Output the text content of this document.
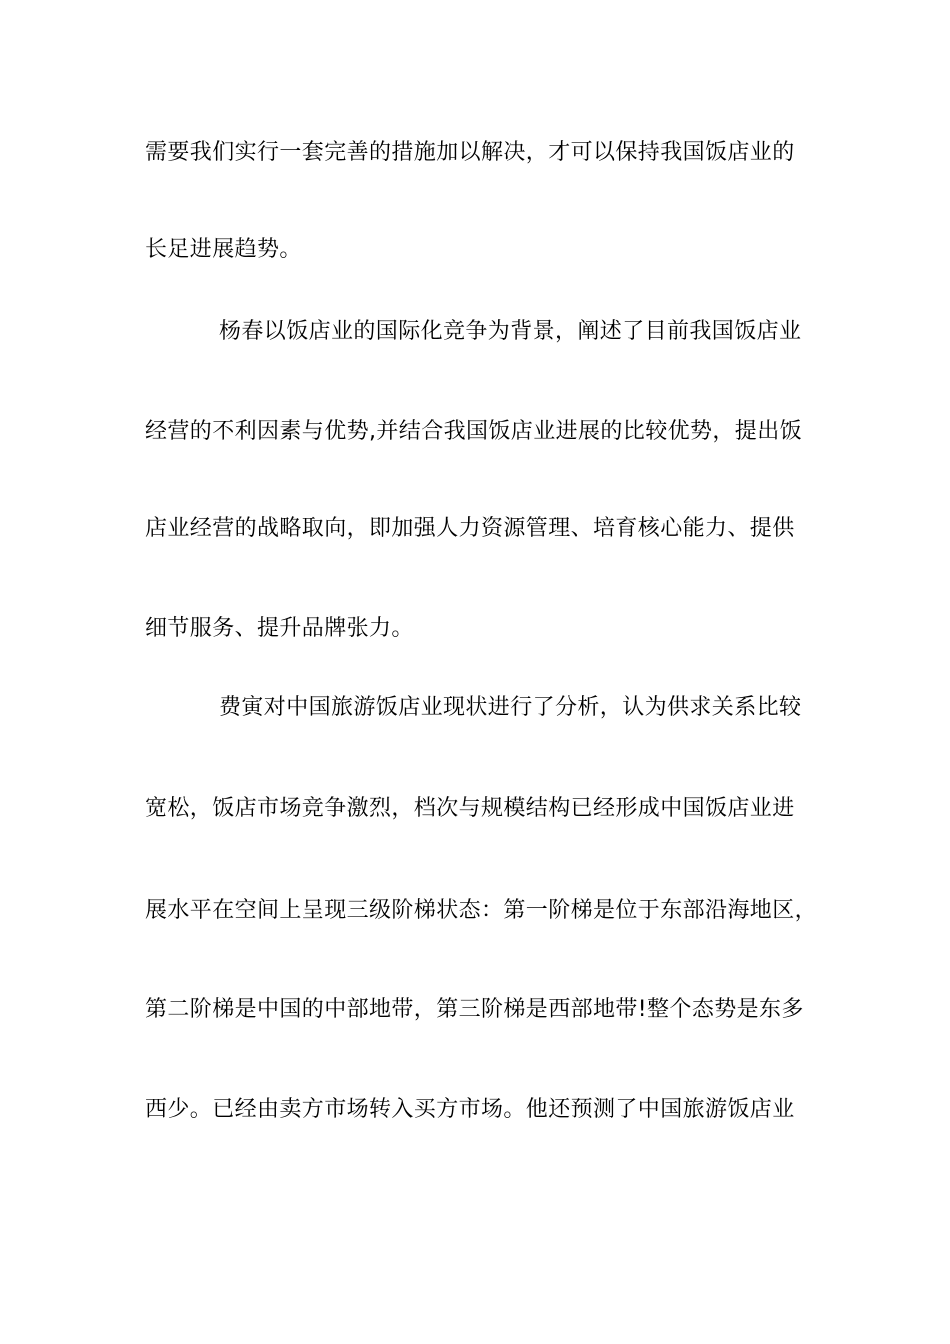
需要我们实行一套完善的措施加以解决，才可以保持我国饭店业的
长足进展趋势。
杨春以饭店业的国际化竞争为背景，阐述了目前我国饭店业
经营的不利因素与优势,并结合我国饭店业进展的比较优势，提出饭
店业经营的战略取向，即加强人力资源管理、培育核心能力、提供
细节服务、提升品牌张力。
费寅对中国旅游饭店业现状进行了分析，认为供求关系比较
宽松，饭店市场竞争激烈，档次与规模结构已经形成中国饭店业进
展水平在空间上呈现三级阶梯状态：第一阶梯是位于东部沿海地区，
第二阶梯是中国的中部地带，第三阶梯是西部地带!整个态势是东多
西少。已经由卖方市场转入买方市场。他还预测了中国旅游饭店业
